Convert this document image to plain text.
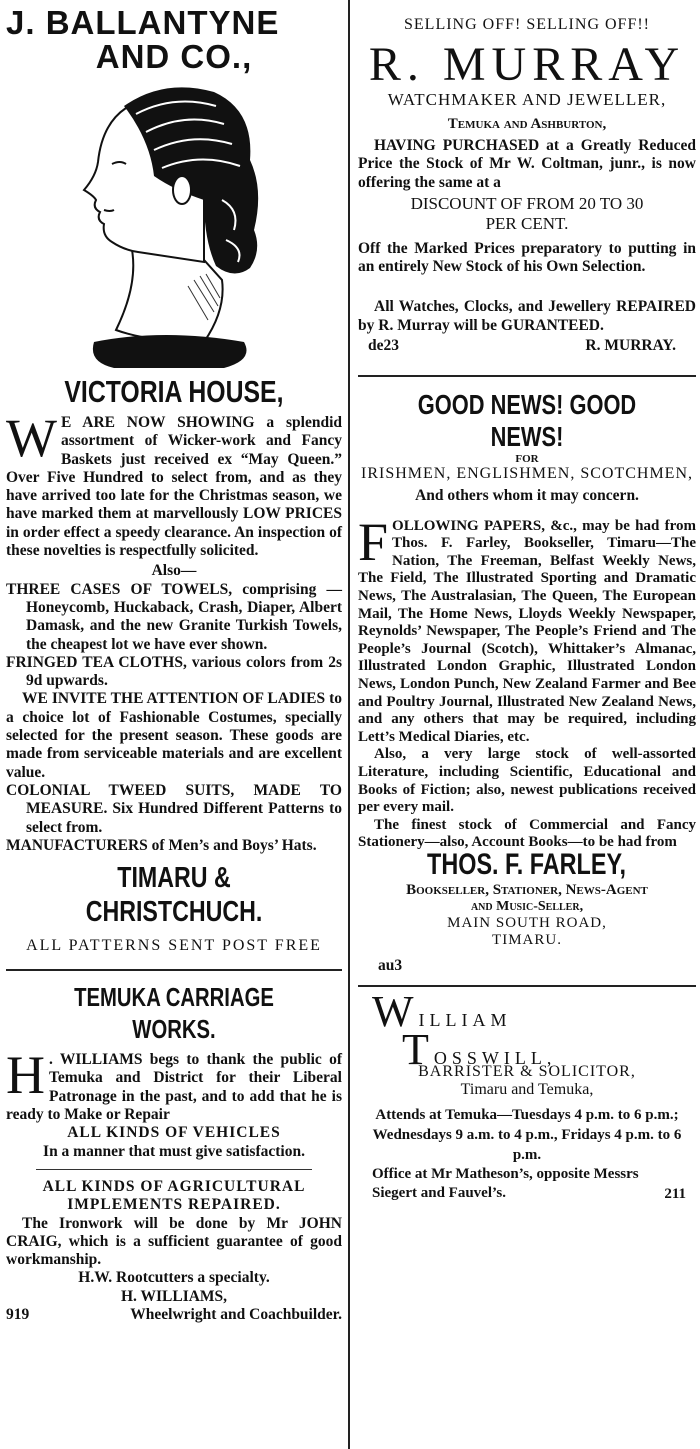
J. BALLANTYNE
AND CO.,
VICTORIA HOUSE,
W E ARE NOW SHOWING a splendid assortment of Wicker-work and Fancy Baskets just received ex “May Queen.” Over Five Hundred to select from, and as they have arrived too late for the Christmas season, we have marked them at marvellously LOW PRICES in order effect a speedy clearance. An inspection of these novelties is respectfully solicited.
Also—

THREE CASES OF TOWELS, comprising — Honeycomb, Huckaback, Crash, Diaper, Albert Damask, and the new Granite Turkish Towels, the cheapest lot we have ever shown.

FRINGED TEA CLOTHS, various colors from 2s 9d upwards.

WE INVITE THE ATTENTION OF LADIES to a choice lot of Fashionable Costumes, specially selected for the present season. These goods are made from serviceable materials and are excellent value.

COLONIAL TWEED SUITS, MADE TO MEASURE. Six Hundred Different Patterns to select from.

MANUFACTURERS of Men’s and Boys’ Hats.

TIMARU & CHRISTCHUCH.
ALL PATTERNS SENT POST FREE
TEMUKA CARRIAGE WORKS.
H . WILLIAMS begs to thank the public of Temuka and District for their Liberal Patronage in the past, and to add that he is ready to Make or Repair
ALL KINDS OF VEHICLES
In a manner that must give satisfaction.
ALL KINDS OF AGRICULTURAL
IMPLEMENTS REPAIRED.

The Ironwork will be done by Mr JOHN CRAIG, which is a sufficient guarantee of good workmanship.

H.W. Rootcutters a specialty.
H. WILLIAMS,
919	Wheelwright and Coachbuilder.
SELLING OFF! SELLING OFF!!
R. MURRAY
WATCHMAKER AND JEWELLER,
Temuka and Ashburton,

HAVING PURCHASED at a Greatly Reduced Price the Stock of Mr W. Coltman, junr., is now offering the same at a

DISCOUNT OF FROM 20 TO 30
PER CENT.

Off the Marked Prices preparatory to putting in an entirely New Stock of his Own Selection.

All Watches, Clocks, and Jewellery REPAIRED by R. Murray will be GURANTEED.

de23	R. MURRAY.
GOOD NEWS! GOOD NEWS!
FOR
IRISHMEN, ENGLISHMEN, SCOTCHMEN,
And others whom it may concern.
FOLLOWING PAPERS, &c., may be had from Thos. F. Farley, Bookseller, Timaru—The Nation, The Freeman, Belfast Weekly News, The Field, The Illustrated Sporting and Dramatic News, The Australasian, The Queen, The European Mail, The Home News, Lloyds Weekly Newspaper, Reynolds’ Newspaper, The People’s Friend and The People’s Journal (Scotch), Whittaker’s Almanac, Illustrated London Graphic, Illustrated London News, London Punch, New Zealand Farmer and Bee and Poultry Journal, Illustrated New Zealand News, and any others that may be required, including Lett’s Medical Diaries, etc.

Also, a very large stock of well-assorted Literature, including Scientific, Educational and Books of Fiction; also, newest publications received per every mail.

The finest stock of Commercial and Fancy Stationery—also, Account Books—to be had from

THOS. F. FARLEY,
Bookseller, Stationer, News-Agent
and Music-Seller,
MAIN SOUTH ROAD,
TIMARU.
au3
WILLIAM TOSSWILL,
BARRISTER & SOLICITOR,
Timaru and Temuka,

Attends at Temuka—Tuesdays 4 p.m. to 6 p.m.; Wednesdays 9 a.m. to 4 p.m., Fridays 4 p.m. to 6 p.m.

Office at Mr Matheson’s, opposite Messrs Siegert and Fauvel’s.	211
